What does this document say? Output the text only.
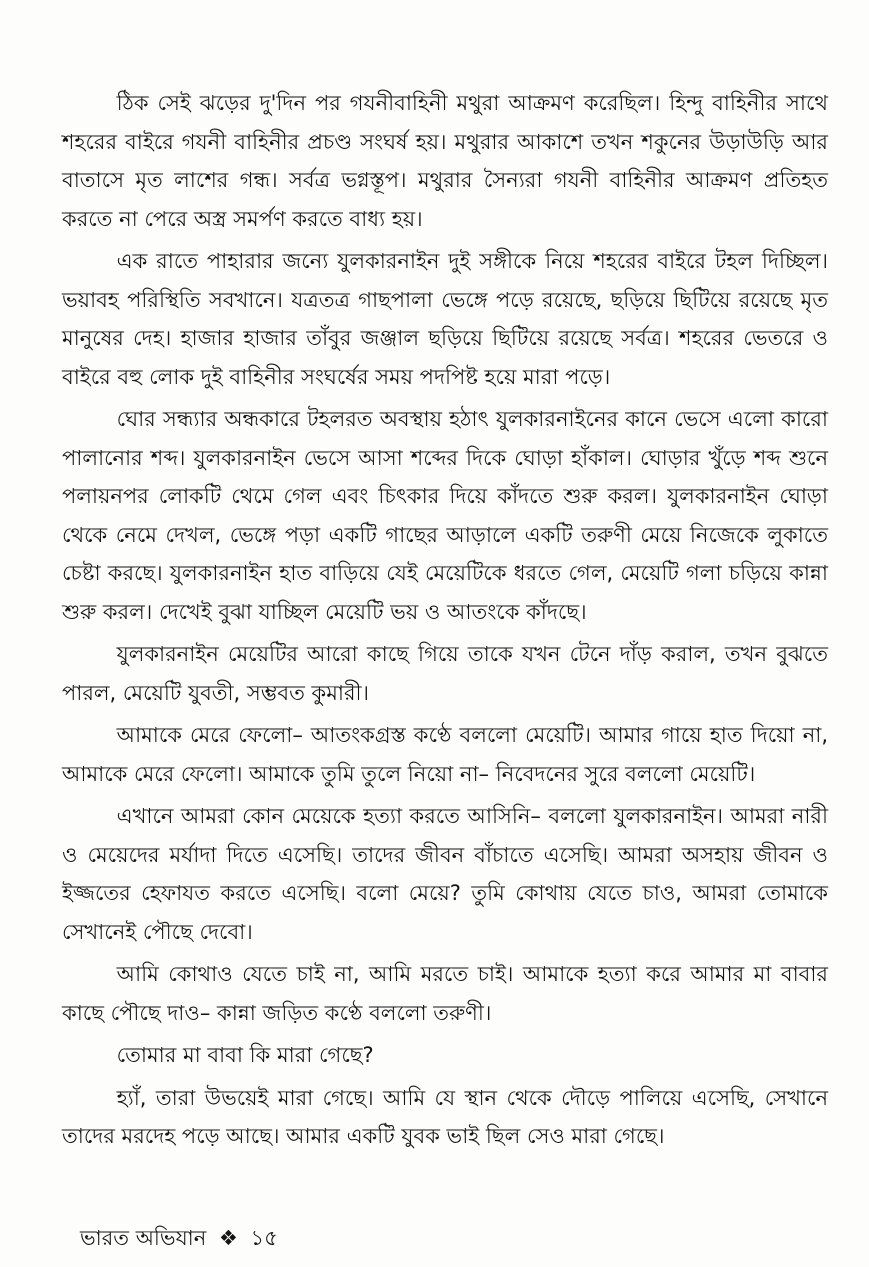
ঠিক সেই ঝড়ের দু'দিন পর গযনীবাহিনী মথুরা আক্রমণ করেছিল। হিন্দু বাহিনীর সাথে শহরের বাইরে গযনী বাহিনীর প্রচণ্ড সংঘর্ষ হয়। মথুরার আকাশে তখন শকুনের উড়াউড়ি আর বাতাসে মৃত লাশের গন্ধ। সর্বত্র ভগ্নস্তূপ। মথুরার সৈন্যরা গযনী বাহিনীর আক্রমণ প্রতিহত করতে না পেরে অস্ত্র সমর্পণ করতে বাধ্য হয়।

এক রাতে পাহারার জন্যে যুলকারনাইন দুই সঙ্গীকে নিয়ে শহরের বাইরে টহল দিচ্ছিল। ভয়াবহ পরিস্থিতি সবখানে। যত্রতত্র গাছপালা ভেঙ্গে পড়ে রয়েছে, ছড়িয়ে ছিটিয়ে রয়েছে মৃত মানুষের দেহ। হাজার হাজার তাঁবুর জঞ্জাল ছড়িয়ে ছিটিয়ে রয়েছে সর্বত্র। শহরের ভেতরে ও বাইরে বহু লোক দুই বাহিনীর সংঘর্ষের সময় পদপিষ্ট হয়ে মারা পড়ে।

ঘোর সন্ধ্যার অন্ধকারে টহলরত অবস্থায় হঠাৎ যুলকারনাইনের কানে ভেসে এলো কারো পালানোর শব্দ। যুলকারনাইন ভেসে আসা শব্দের দিকে ঘোড়া হাঁকাল। ঘোড়ার খুঁড়ে শব্দ শুনে পলায়নপর লোকটি থেমে গেল এবং চিৎকার দিয়ে কাঁদতে শুরু করল। যুলকারনাইন ঘোড়া থেকে নেমে দেখল, ভেঙ্গে পড়া একটি গাছের আড়ালে একটি তরুণী মেয়ে নিজেকে লুকাতে চেষ্টা করছে। যুলকারনাইন হাত বাড়িয়ে যেই মেয়েটিকে ধরতে গেল, মেয়েটি গলা চড়িয়ে কান্না শুরু করল। দেখেই বুঝা যাচ্ছিল মেয়েটি ভয় ও আতংকে কাঁদছে।

যুলকারনাইন মেয়েটির আরো কাছে গিয়ে তাকে যখন টেনে দাঁড় করাল, তখন বুঝতে পারল, মেয়েটি যুবতী, সম্ভবত কুমারী।

আমাকে মেরে ফেলো– আতংকগ্রস্ত কণ্ঠে বললো মেয়েটি। আমার গায়ে হাত দিয়ো না, আমাকে মেরে ফেলো। আমাকে তুমি তুলে নিয়ো না– নিবেদনের সুরে বললো মেয়েটি।

এখানে আমরা কোন মেয়েকে হত্যা করতে আসিনি– বললো যুলকারনাইন। আমরা নারী ও মেয়েদের মর্যাদা দিতে এসেছি। তাদের জীবন বাঁচাতে এসেছি। আমরা অসহায় জীবন ও ইজ্জতের হেফাযত করতে এসেছি। বলো মেয়ে? তুমি কোথায় যেতে চাও, আমরা তোমাকে সেখানেই পৌছে দেবো।

আমি কোথাও যেতে চাই না, আমি মরতে চাই। আমাকে হত্যা করে আমার মা বাবার কাছে পৌছে দাও– কান্না জড়িত কণ্ঠে বললো তরুণী।

তোমার মা বাবা কি মারা গেছে?

হ্যাঁ, তারা উভয়েই মারা গেছে। আমি যে স্থান থেকে দৌড়ে পালিয়ে এসেছি, সেখানে তাদের মরদেহ পড়ে আছে। আমার একটি যুবক ভাই ছিল সেও মারা গেছে।

ভারত অভিযান ❖ ১৫
